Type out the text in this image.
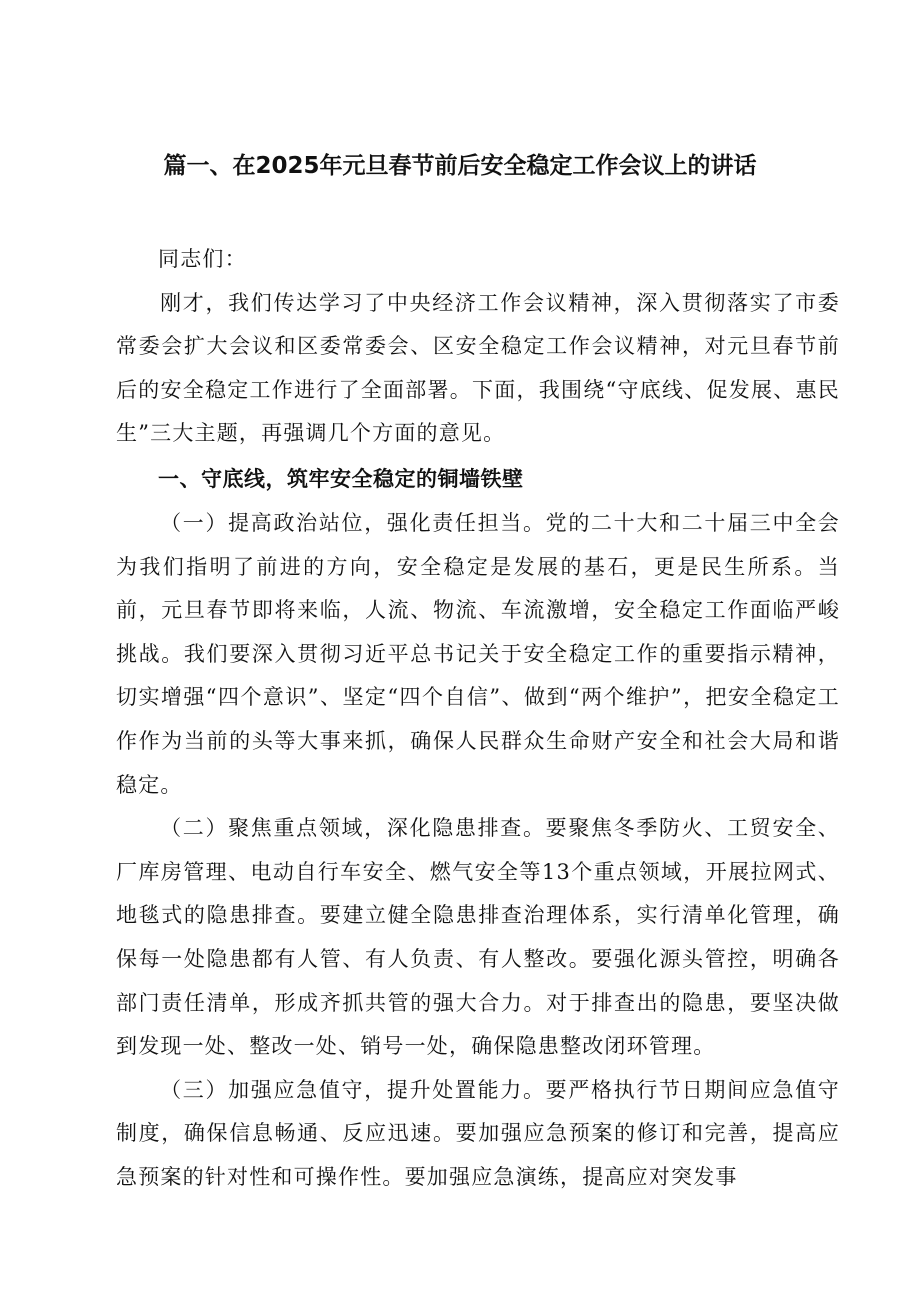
篇一、在2025年元旦春节前后安全稳定工作会议上的讲话

同志们：

刚才，我们传达学习了中央经济工作会议精神，深入贯彻落实了市委常委会扩大会议和区委常委会、区安全稳定工作会议精神，对元旦春节前后的安全稳定工作进行了全面部署。下面，我围绕“守底线、促发展、惠民生”三大主题，再强调几个方面的意见。

一、守底线，筑牢安全稳定的铜墙铁壁

（一）提高政治站位，强化责任担当。党的二十大和二十届三中全会为我们指明了前进的方向，安全稳定是发展的基石，更是民生所系。当前，元旦春节即将来临，人流、物流、车流激增，安全稳定工作面临严峻挑战。我们要深入贯彻习近平总书记关于安全稳定工作的重要指示精神，切实增强“四个意识”、坚定“四个自信”、做到“两个维护”，把安全稳定工作作为当前的头等大事来抓，确保人民群众生命财产安全和社会大局和谐稳定。

（二）聚焦重点领域，深化隐患排查。要聚焦冬季防火、工贸安全、厂库房管理、电动自行车安全、燃气安全等13个重点领域，开展拉网式、地毯式的隐患排查。要建立健全隐患排查治理体系，实行清单化管理，确保每一处隐患都有人管、有人负责、有人整改。要强化源头管控，明确各部门责任清单，形成齐抓共管的强大合力。对于排查出的隐患，要坚决做到发现一处、整改一处、销号一处，确保隐患整改闭环管理。

（三）加强应急值守，提升处置能力。要严格执行节日期间应急值守制度，确保信息畅通、反应迅速。要加强应急预案的修订和完善，提高应急预案的针对性和可操作性。要加强应急演练，提高应对突发事
